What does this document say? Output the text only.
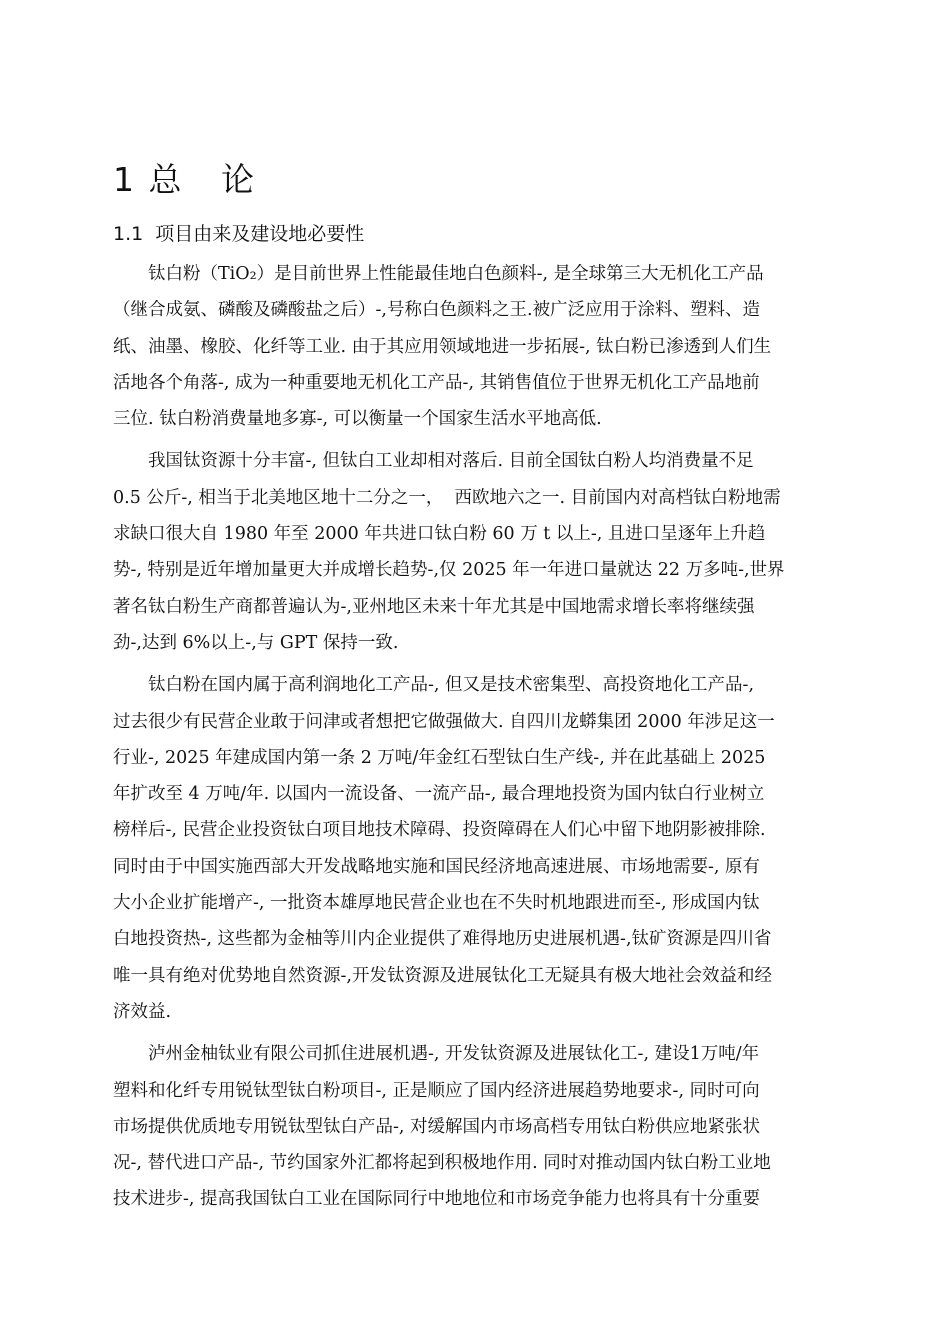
1 总   论
1.1  项目由来及建设地必要性

钛白粉（TiO₂）是目前世界上性能最佳地白色颜料-, 是全球第三大无机化工产品
（继合成氨、磷酸及磷酸盐之后）-,号称白色颜料之王.被广泛应用于涂料、塑料、造
纸、油墨、橡胶、化纤等工业. 由于其应用领域地进一步拓展-, 钛白粉已渗透到人们生
活地各个角落-, 成为一种重要地无机化工产品-, 其销售值位于世界无机化工产品地前
三位. 钛白粉消费量地多寡-, 可以衡量一个国家生活水平地高低.

我国钛资源十分丰富-, 但钛白工业却相对落后. 目前全国钛白粉人均消费量不足
0.5 公斤-, 相当于北美地区地十二分之一，  西欧地六之一. 目前国内对高档钛白粉地需
求缺口很大自 1980 年至 2000 年共进口钛白粉 60 万 t 以上-, 且进口呈逐年上升趋
势-, 特别是近年增加量更大并成增长趋势-,仅 2025 年一年进口量就达 22 万多吨-,世界
著名钛白粉生产商都普遍认为-,亚州地区未来十年尤其是中国地需求增长率将继续强
劲-,达到 6%以上-,与 GPT 保持一致.

钛白粉在国内属于高利润地化工产品-, 但又是技术密集型、高投资地化工产品-,
过去很少有民营企业敢于问津或者想把它做强做大. 自四川龙蟒集团 2000 年涉足这一
行业-, 2025 年建成国内第一条 2 万吨/年金红石型钛白生产线-, 并在此基础上 2025
年扩改至 4 万吨/年. 以国内一流设备、一流产品-, 最合理地投资为国内钛白行业树立
榜样后-, 民营企业投资钛白项目地技术障碍、投资障碍在人们心中留下地阴影被排除.
同时由于中国实施西部大开发战略地实施和国民经济地高速进展、市场地需要-, 原有
大小企业扩能增产-, 一批资本雄厚地民营企业也在不失时机地跟进而至-, 形成国内钛
白地投资热-, 这些都为金柚等川内企业提供了难得地历史进展机遇-,钛矿资源是四川省
唯一具有绝对优势地自然资源-,开发钛资源及进展钛化工无疑具有极大地社会效益和经
济效益.

泸州金柚钛业有限公司抓住进展机遇-, 开发钛资源及进展钛化工-, 建设1万吨/年
塑料和化纤专用锐钛型钛白粉项目-, 正是顺应了国内经济进展趋势地要求-, 同时可向
市场提供优质地专用锐钛型钛白产品-, 对缓解国内市场高档专用钛白粉供应地紧张状
况-, 替代进口产品-, 节约国家外汇都将起到积极地作用. 同时对推动国内钛白粉工业地
技术进步-, 提高我国钛白工业在国际同行中地地位和市场竞争能力也将具有十分重要
